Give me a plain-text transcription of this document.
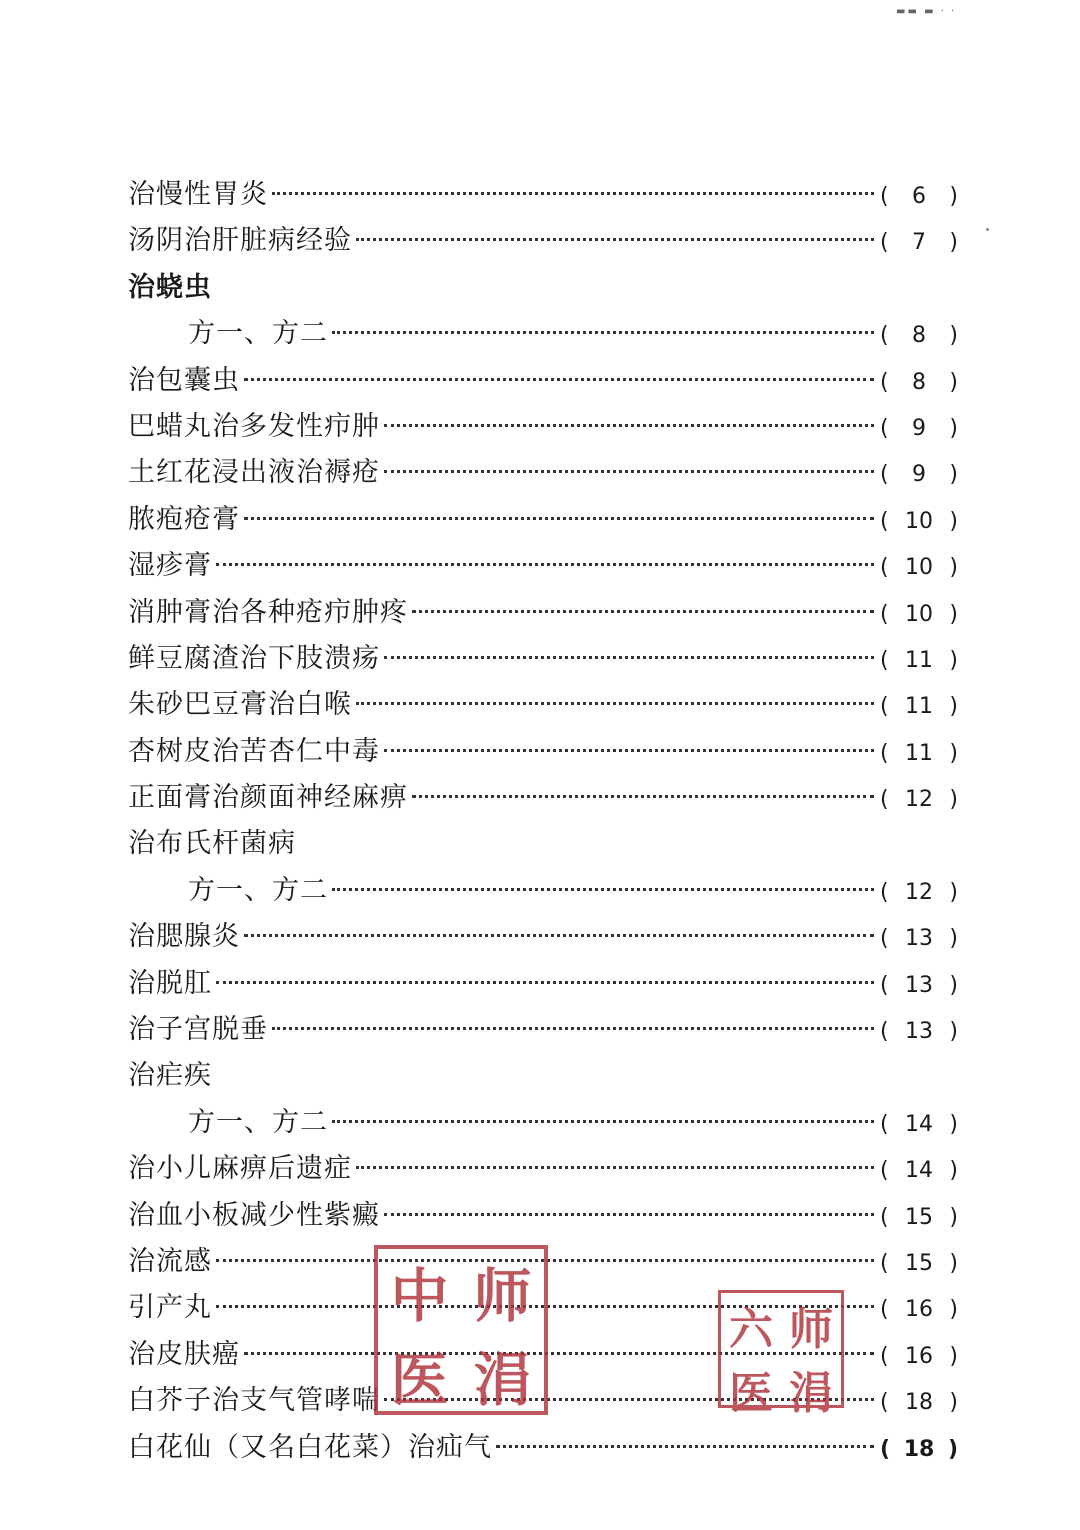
▬▬ ▬ · ·
治慢性胃炎	(	6	)
汤阴治肝脏病经验	(	7	)
治蛲虫
方一、方二	(	8	)
治包囊虫	(	8	)
巴蜡丸治多发性疖肿	(	9	)
土红花浸出液治褥疮	(	9	)
脓疱疮膏	( 10 )
湿疹膏	( 10 )
消肿膏治各种疮疖肿疼	( 10 )
鲜豆腐渣治下肢溃疡	( 11 )
朱砂巴豆膏治白喉	( 11 )
杏树皮治苦杏仁中毒	( 11 )
正面膏治颜面神经麻痹	( 12 )
治布氏杆菌病
方一、方二	( 12 )
治腮腺炎	( 13 )
治脱肛	( 13 )
治子宫脱垂	( 13 )
治疟疾
方一、方二	( 14 )
治小儿麻痹后遗症	( 14 )
治血小板减少性紫癜	( 15 )
治流感	( 15 )
引产丸	( 16 )
治皮肤癌	( 16 )
白芥子治支气管哮喘	( 18 )
白花仙（又名白花菜）治疝气	( 18 )
中 师
医 涓
六 师
医 涓
